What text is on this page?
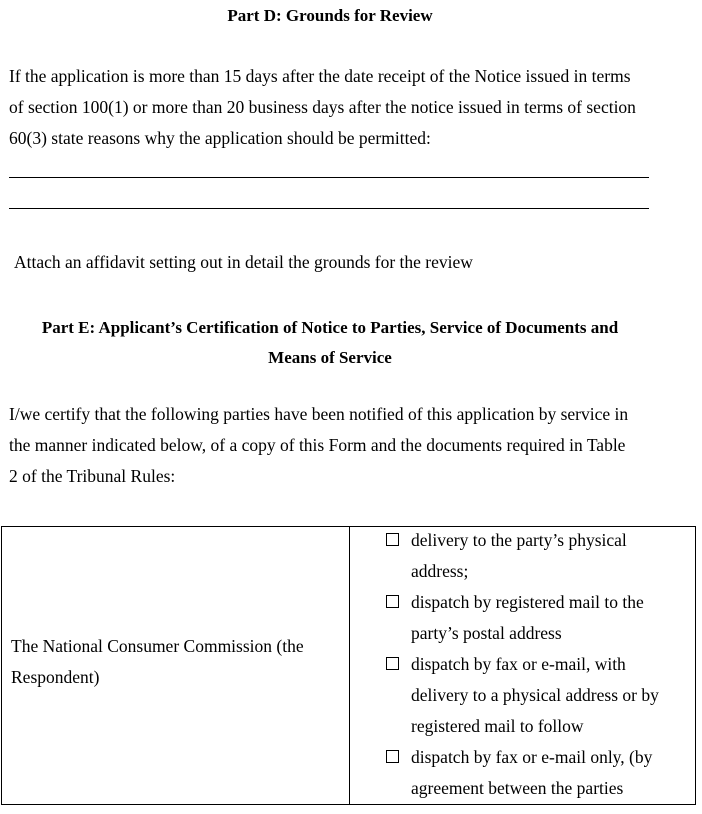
Part D: Grounds for Review
If the application is more than 15 days after the date receipt of the Notice issued in terms
of section 100(1) or more than 20 business days after the notice issued in terms of section
60(3) state reasons why the application should be permitted:
Attach an affidavit setting out in detail the grounds for the review
Part E: Applicant’s Certification of Notice to Parties, Service of Documents and
Means of Service
I/we certify that the following parties have been notified of this application by service in
the manner indicated below, of a copy of this Form and the documents required in Table
2 of the Tribunal Rules:
The National Consumer Commission (the
Respondent)
delivery to the party’s physical
address;
dispatch by registered mail to the
party’s postal address
dispatch by fax or e-mail, with
delivery to a physical address or by
registered mail to follow
dispatch by fax or e-mail only, (by
agreement between the parties
